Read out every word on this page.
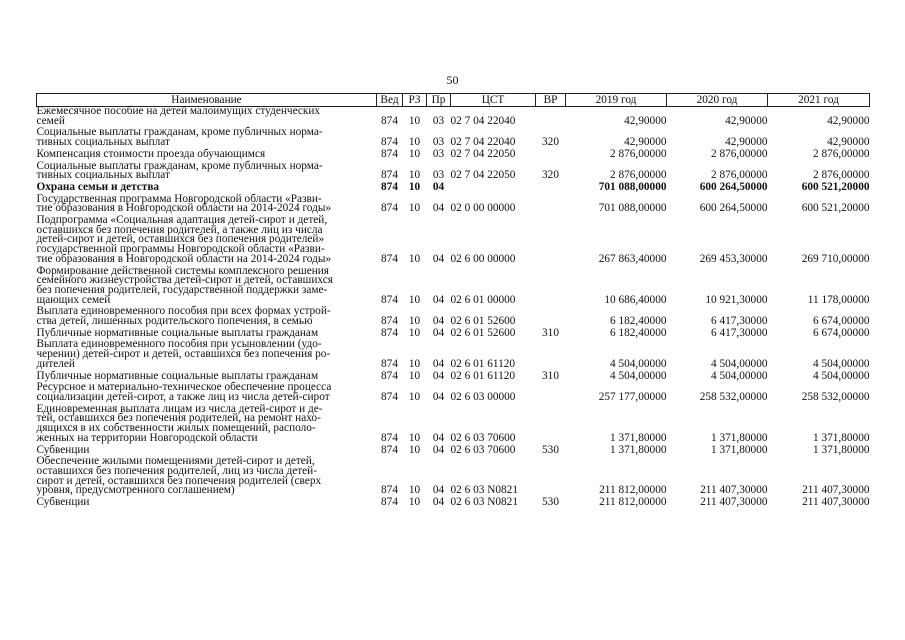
50
Наименование	Вед	РЗ	Пр	ЦСТ	ВР	2019 год	2020 год	2021 год

Ежемесячное пособие на детей малоимущих студенческих
семей	874	10	03	02 7 04 22040		42,90000	42,90000	42,90000

Социальные выплаты гражданам, кроме публичных норма-
тивных социальных выплат	874	10	03	02 7 04 22040	320	42,90000	42,90000	42,90000

Компенсация стоимости проезда обучающимся	874	10	03	02 7 04 22050		2 876,00000	2 876,00000	2 876,00000

Социальные выплаты гражданам, кроме публичных норма-
тивных социальных выплат	874	10	03	02 7 04 22050	320	2 876,00000	2 876,00000	2 876,00000

Охрана семьи и детства	874	10	04			701 088,00000	600 264,50000	600 521,20000

Государственная программа Новгородской области «Разви-
тие образования в Новгородской области на 2014-2024 годы»	874	10	04	02 0 00 00000		701 088,00000	600 264,50000	600 521,20000

Подпрограмма «Социальная адаптация детей-сирот и детей,
оставшихся без попечения родителей, а также лиц из числа
детей-сирот и детей, оставшихся без попечения родителей»
государственной программы Новгородской области «Разви-
тие образования в Новгородской области на 2014-2024 годы»	874	10	04	02 6 00 00000		267 863,40000	269 453,30000	269 710,00000

Формирование действенной системы комплексного решения
семейного жизнеустройства детей-сирот и детей, оставшихся
без попечения родителей, государственной поддержки заме-
щающих семей	874	10	04	02 6 01 00000		10 686,40000	10 921,30000	11 178,00000

Выплата единовременного пособия при всех формах устрой-
ства детей, лишенных родительского попечения, в семью	874	10	04	02 6 01 52600		6 182,40000	6 417,30000	6 674,00000

Публичные нормативные социальные выплаты гражданам	874	10	04	02 6 01 52600	310	6 182,40000	6 417,30000	6 674,00000

Выплата единовременного пособия при усыновлении (удо-
черении) детей-сирот и детей, оставшихся без попечения ро-
дителей	874	10	04	02 6 01 61120		4 504,00000	4 504,00000	4 504,00000

Публичные нормативные социальные выплаты гражданам	874	10	04	02 6 01 61120	310	4 504,00000	4 504,00000	4 504,00000

Ресурсное и материально-техническое обеспечение процесса
социализации детей-сирот, а также лиц из числа детей-сирот	874	10	04	02 6 03 00000		257 177,00000	258 532,00000	258 532,00000

Единовременная выплата лицам из числа детей-сирот и де-
тей, оставшихся без попечения родителей, на ремонт нахо-
дящихся в их собственности жилых помещений, располо-
женных на территории Новгородской области	874	10	04	02 6 03 70600		1 371,80000	1 371,80000	1 371,80000

Субвенции	874	10	04	02 6 03 70600	530	1 371,80000	1 371,80000	1 371,80000

Обеспечение жилыми помещениями детей-сирот и детей,
оставшихся без попечения родителей, лиц из числа детей-
сирот и детей, оставшихся без попечения родителей (сверх
уровня, предусмотренного соглашением)	874	10	04	02 6 03 N0821		211 812,00000	211 407,30000	211 407,30000

Субвенции	874	10	04	02 6 03 N0821	530	211 812,00000	211 407,30000	211 407,30000
